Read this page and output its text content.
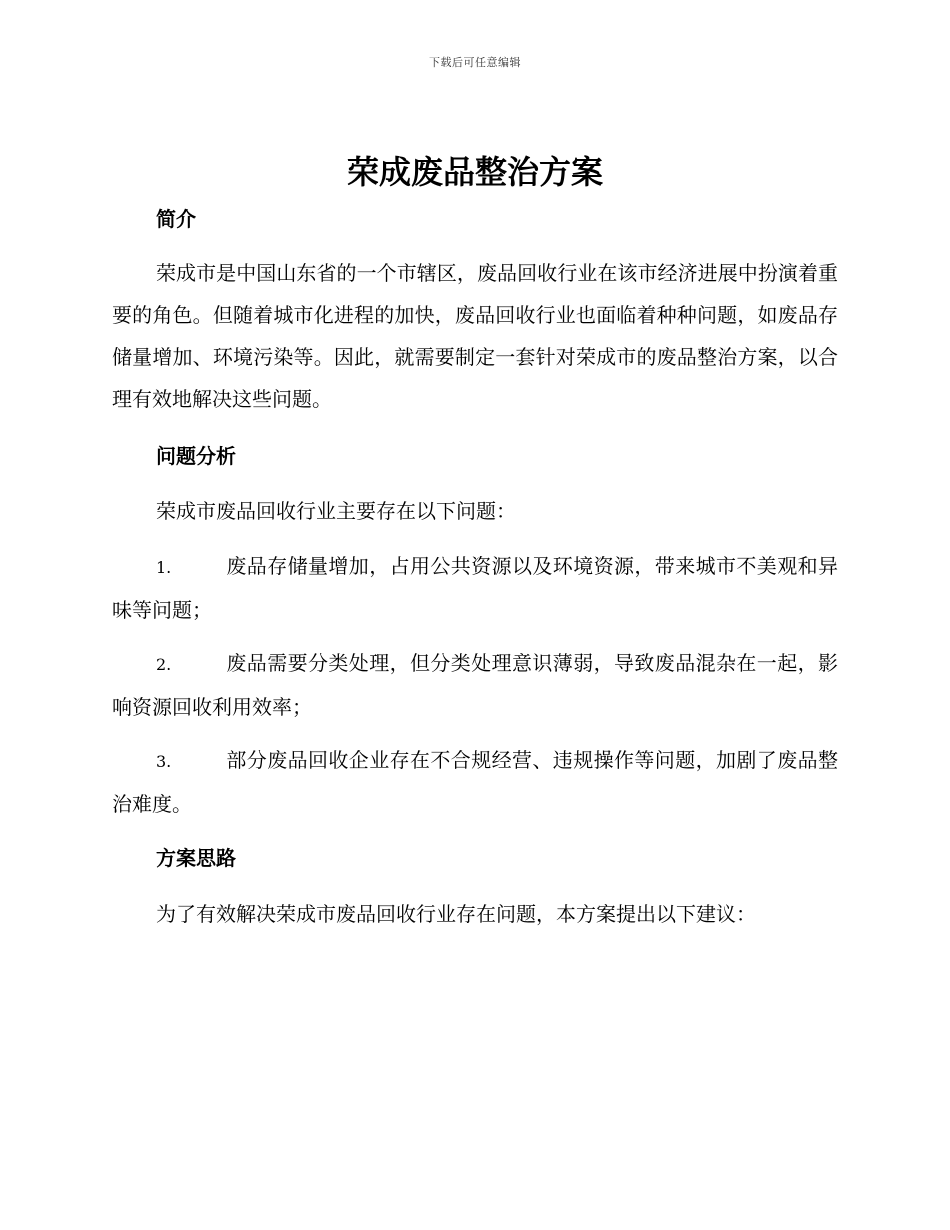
下载后可任意编辑
荣成废品整治方案
简介

荣成市是中国山东省的一个市辖区，废品回收行业在该市经济进展中扮演着重要的角色。但随着城市化进程的加快，废品回收行业也面临着种种问题，如废品存储量增加、环境污染等。因此，就需要制定一套针对荣成市的废品整治方案，以合理有效地解决这些问题。

问题分析

荣成市废品回收行业主要存在以下问题：

1.	废品存储量增加，占用公共资源以及环境资源，带来城市不美观和异味等问题；

2.	废品需要分类处理，但分类处理意识薄弱，导致废品混杂在一起，影响资源回收利用效率；

3.	部分废品回收企业存在不合规经营、违规操作等问题，加剧了废品整治难度。

方案思路

为了有效解决荣成市废品回收行业存在问题，本方案提出以下建议：
